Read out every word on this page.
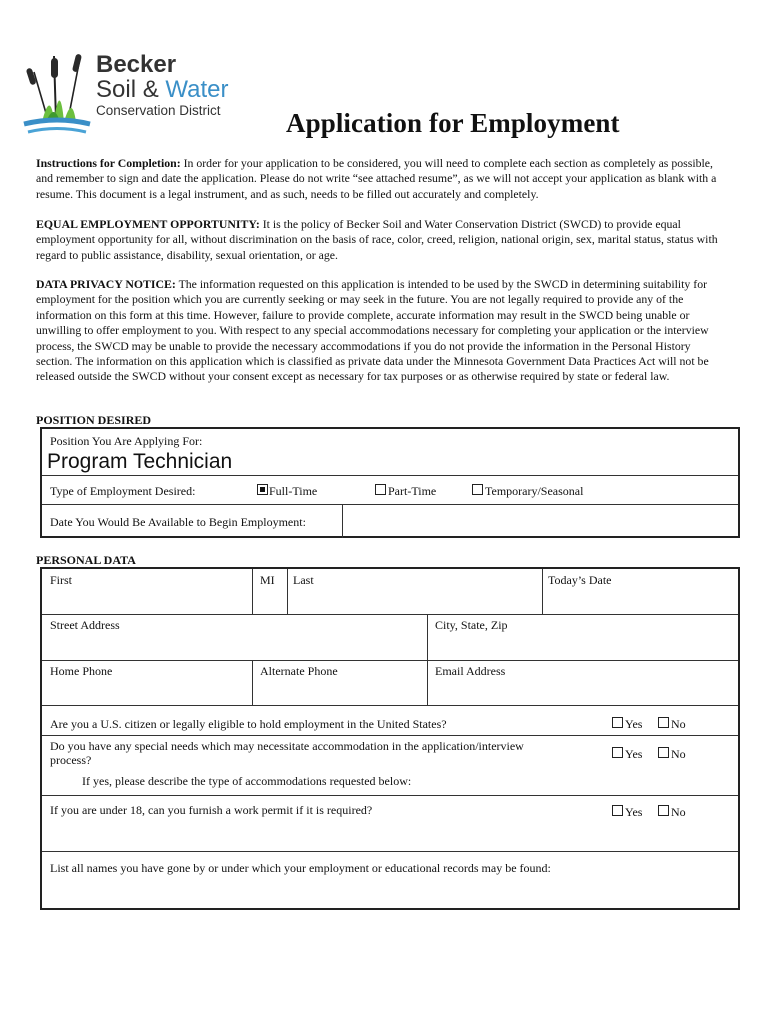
Becker
Soil & Water
Conservation District Application for Employment
Instructions for Completion: In order for your application to be considered, you will need to complete each section as completely as possible, and remember to sign and date the application. Please do not write “see attached resume”, as we will not accept your application as blank with a resume. This document is a legal instrument, and as such, needs to be filled out accurately and completely.
EQUAL EMPLOYMENT OPPORTUNITY: It is the policy of Becker Soil and Water Conservation District (SWCD) to provide equal employment opportunity for all, without discrimination on the basis of race, color, creed, religion, national origin, sex, marital status, status with regard to public assistance, disability, sexual orientation, or age.
DATA PRIVACY NOTICE: The information requested on this application is intended to be used by the SWCD in determining suitability for employment for the position which you are currently seeking or may seek in the future. You are not legally required to provide any of the information on this form at this time. However, failure to provide complete, accurate information may result in the SWCD being unable or unwilling to offer employment to you. With respect to any special accommodations necessary for completing your application or the interview process, the SWCD may be unable to provide the necessary accommodations if you do not provide the information in the Personal History section. The information on this application which is classified as private data under the Minnesota Government Data Practices Act will not be released outside the SWCD without your consent except as necessary for tax purposes or as otherwise required by state or federal law.
POSITION DESIRED
Position You Are Applying For:
Program Technician
Type of Employment Desired:	Full-Time	Part-Time	Temporary/Seasonal
Date You Would Be Available to Begin Employment:
PERSONAL DATA
First	MI Last	Today’s Date
Street Address	City, State, Zip
Home Phone	Alternate Phone	Email Address
Are you a U.S. citizen or legally eligible to hold employment in the United States?	Yes No
Do you have any special needs which may necessitate accommodation in the application/interview
process?	Yes No
If yes, please describe the type of accommodations requested below:
If you are under 18, can you furnish a work permit if it is required?	Yes No
List all names you have gone by or under which your employment or educational records may be found:
